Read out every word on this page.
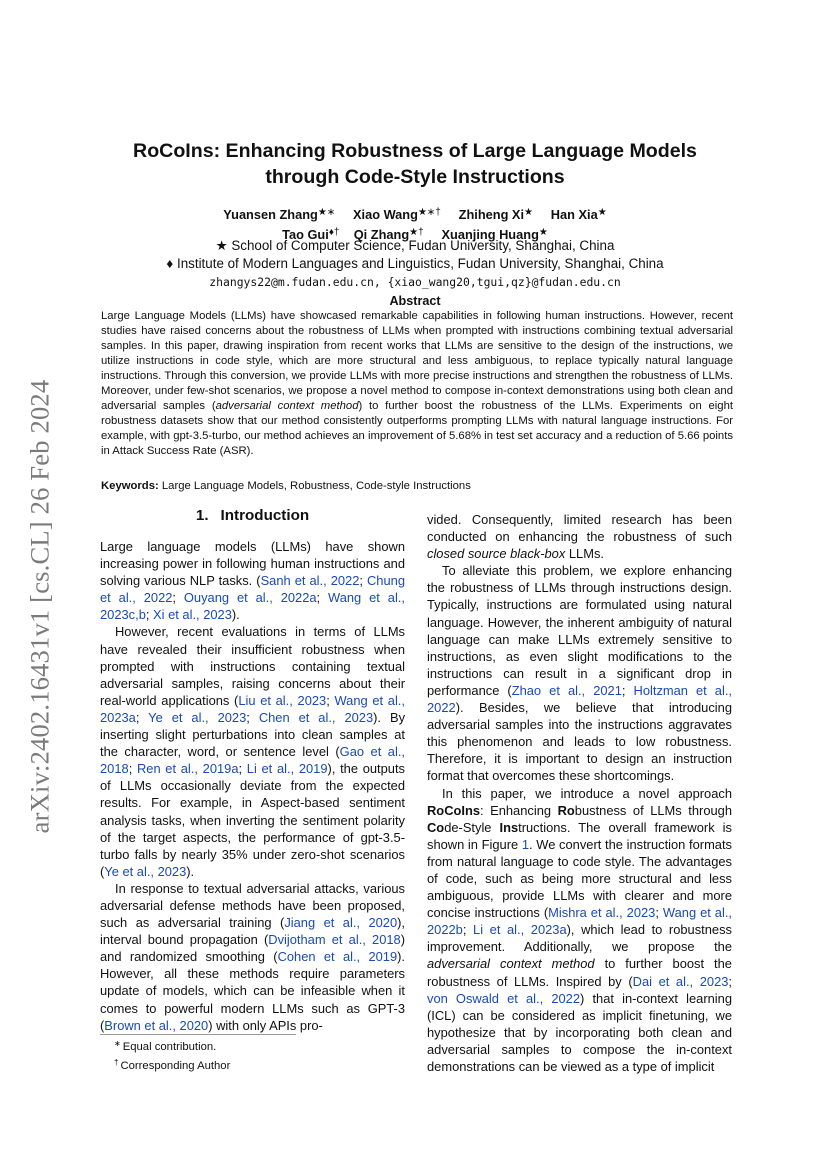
arXiv:2402.16431v1 [cs.CL] 26 Feb 2024
RoCoIns: Enhancing Robustness of Large Language Models
through Code-Style Instructions
Yuansen Zhang★∗ Xiao Wang★∗† Zhiheng Xi★ Han Xia★
Tao Gui♦† Qi Zhang★† Xuanjing Huang★
★ School of Computer Science, Fudan University, Shanghai, China
♦ Institute of Modern Languages and Linguistics, Fudan University, Shanghai, China
zhangys22@m.fudan.edu.cn, {xiao_wang20,tgui,qz}@fudan.edu.cn
Abstract
Large Language Models (LLMs) have showcased remarkable capabilities in following human instructions. However, recent studies have raised concerns about the robustness of LLMs when prompted with instructions combining textual adversarial samples. In this paper, drawing inspiration from recent works that LLMs are sensitive to the design of the instructions, we utilize instructions in code style, which are more structural and less ambiguous, to replace typically natural language instructions. Through this conversion, we provide LLMs with more precise instructions and strengthen the robustness of LLMs. Moreover, under few-shot scenarios, we propose a novel method to compose in-context demonstrations using both clean and adversarial samples (adversarial context method) to further boost the robustness of the LLMs. Experiments on eight robustness datasets show that our method consistently outperforms prompting LLMs with natural language instructions. For example, with gpt-3.5-turbo, our method achieves an improvement of 5.68% in test set accuracy and a reduction of 5.66 points in Attack Success Rate (ASR).
Keywords: Large Language Models, Robustness, Code-style Instructions
1. Introduction

Large language models (LLMs) have shown increasing power in following human instructions and solving various NLP tasks. (Sanh et al., 2022; Chung et al., 2022; Ouyang et al., 2022a; Wang et al., 2023c,b; Xi et al., 2023).

However, recent evaluations in terms of LLMs have revealed their insufficient robustness when prompted with instructions containing textual adversarial samples, raising concerns about their real-world applications (Liu et al., 2023; Wang et al., 2023a; Ye et al., 2023; Chen et al., 2023). By inserting slight perturbations into clean samples at the character, word, or sentence level (Gao et al., 2018; Ren et al., 2019a; Li et al., 2019), the outputs of LLMs occasionally deviate from the expected results. For example, in Aspect-based sentiment analysis tasks, when inverting the sentiment polarity of the target aspects, the performance of gpt-3.5-turbo falls by nearly 35% under zero-shot scenarios (Ye et al., 2023).

In response to textual adversarial attacks, various adversarial defense methods have been proposed, such as adversarial training (Jiang et al., 2020), interval bound propagation (Dvijotham et al., 2018) and randomized smoothing (Cohen et al., 2019). However, all these methods require parameters update of models, which can be infeasible when it comes to powerful modern LLMs such as GPT-3 (Brown et al., 2020) with only APIs pro-

∗ Equal contribution.
† Corresponding Author

vided. Consequently, limited research has been conducted on enhancing the robustness of such closed source black-box LLMs.

To alleviate this problem, we explore enhancing the robustness of LLMs through instructions design. Typically, instructions are formulated using natural language. However, the inherent ambiguity of natural language can make LLMs extremely sensitive to instructions, as even slight modifications to the instructions can result in a significant drop in performance (Zhao et al., 2021; Holtzman et al., 2022). Besides, we believe that introducing adversarial samples into the instructions aggravates this phenomenon and leads to low robustness. Therefore, it is important to design an instruction format that overcomes these shortcomings.

In this paper, we introduce a novel approach RoCoIns: Enhancing Robustness of LLMs through Code-Style Instructions. The overall framework is shown in Figure 1. We convert the instruction formats from natural language to code style. The advantages of code, such as being more structural and less ambiguous, provide LLMs with clearer and more concise instructions (Mishra et al., 2023; Wang et al., 2022b; Li et al., 2023a), which lead to robustness improvement. Additionally, we propose the adversarial context method to further boost the robustness of LLMs. Inspired by (Dai et al., 2023; von Oswald et al., 2022) that in-context learning (ICL) can be considered as implicit finetuning, we hypothesize that by incorporating both clean and adversarial samples to compose the in-context demonstrations can be viewed as a type of implicit
